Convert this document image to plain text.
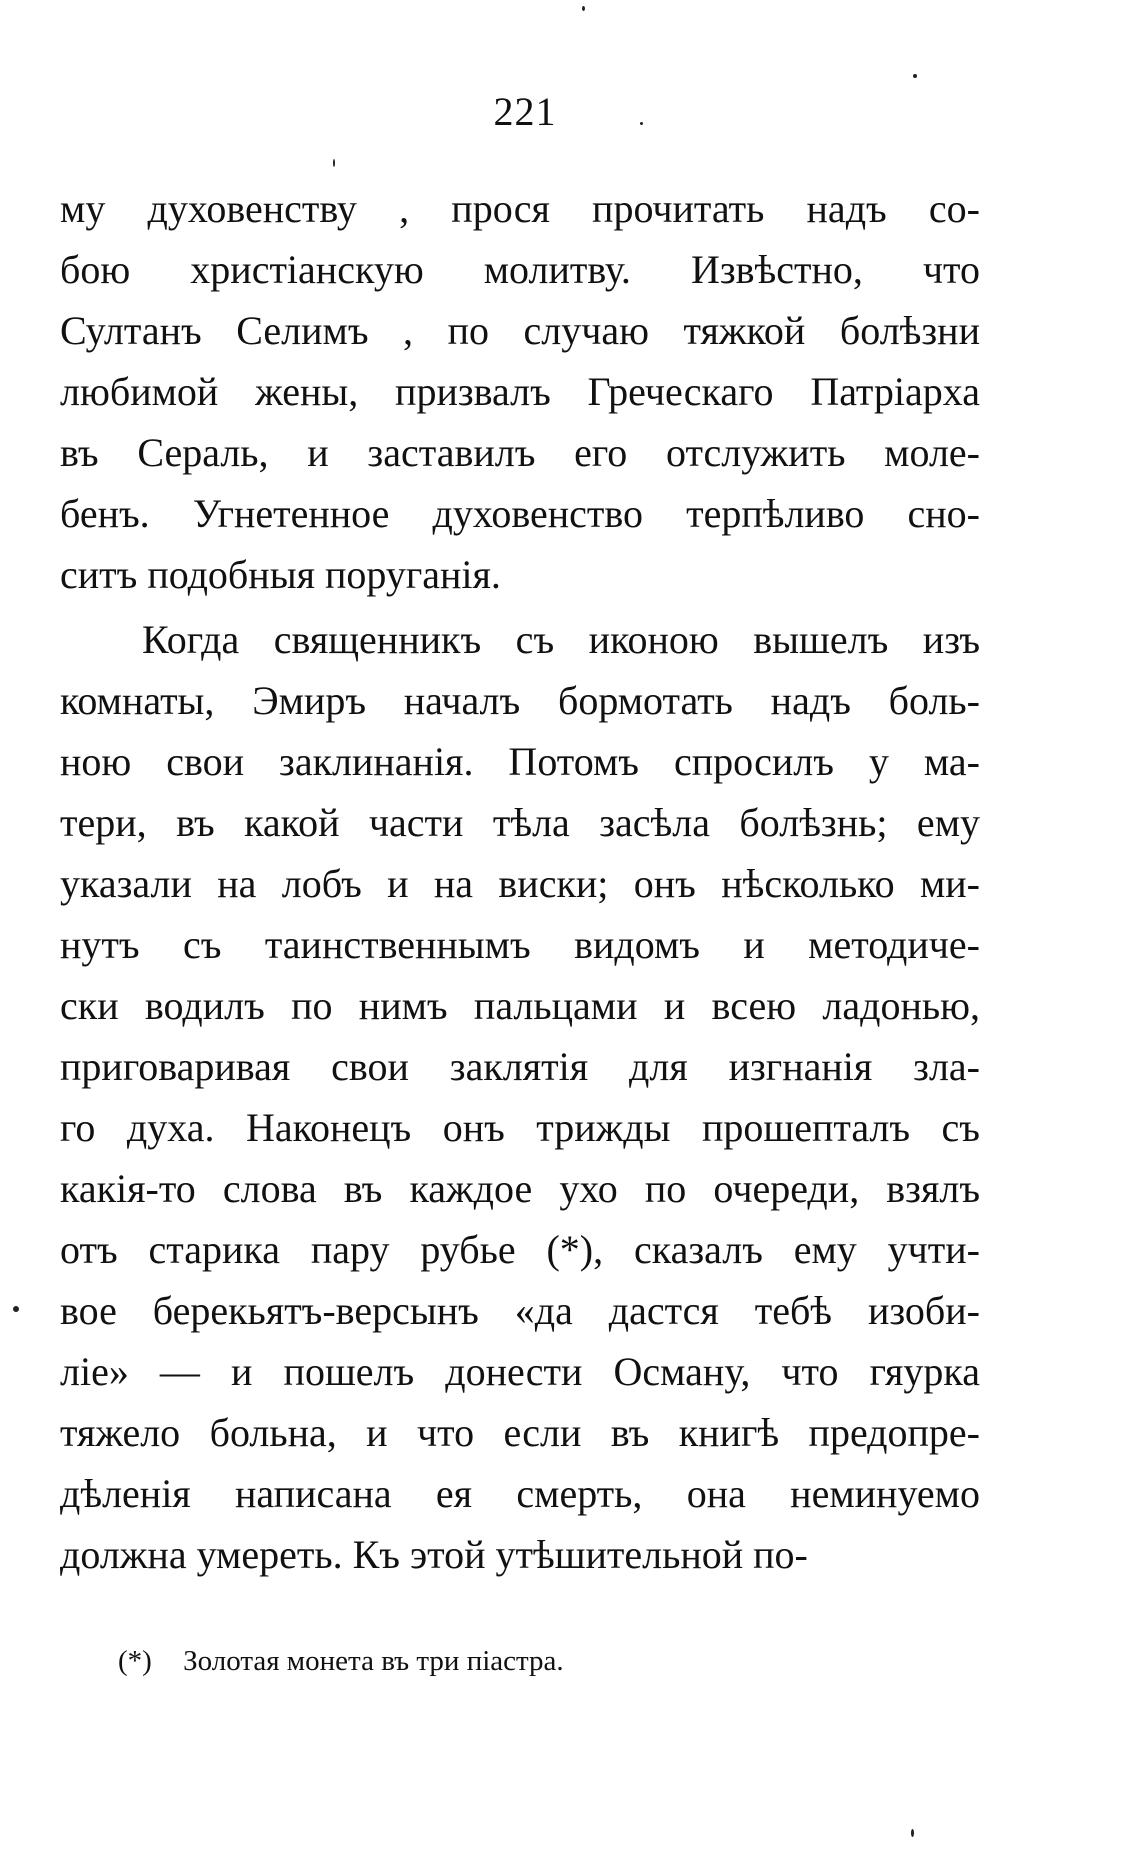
221
му духовенству , прося прочитать надъ со-
бою христіанскую молитву. Извѣстно, что
Султанъ Селимъ , по случаю тяжкой болѣзни
любимой жены, призвалъ Греческаго Патріарха
въ Сераль, и заставилъ его отслужить моле-
бенъ. Угнетенное духовенство терпѣливо сно-
ситъ подобныя поруганія.
Когда священникъ съ иконою вышелъ изъ
комнаты, Эмиръ началъ бормотать надъ боль-
ною свои заклинанія. Потомъ спросилъ у ма-
тери, въ какой части тѣла засѣла болѣзнь; ему
указали на лобъ и на виски; онъ нѣсколько ми-
нутъ съ таинственнымъ видомъ и методиче-
ски водилъ по нимъ пальцами и всею ладонью,
приговаривая свои заклятія для изгнанія зла-
го духа. Наконецъ онъ трижды прошепталъ съ
какія-то слова въ каждое ухо по очереди, взялъ
отъ старика пару рубье (*), сказалъ ему учти-
вое берекьятъ-версынъ «да дастся тебѣ изоби-
ліе» — и пошелъ донести Осману, что гяурка
тяжело больна, и что если въ книгѣ предопре-
дѣленія написана ея смерть, она неминуемо
должна умереть. Къ этой утѣшительной по-
(*) Золотая монета въ три піастра.
